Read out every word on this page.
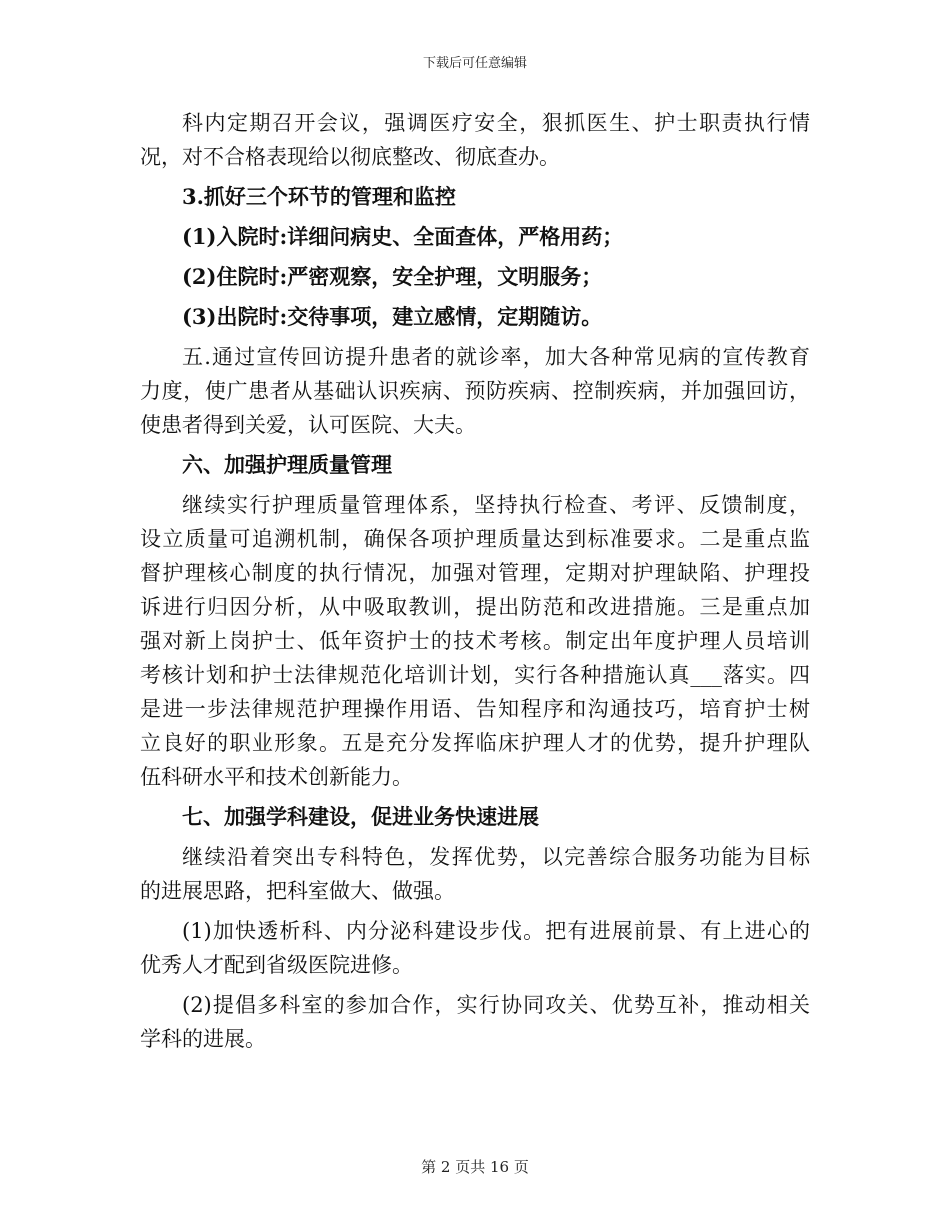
下载后可任意编辑
科内定期召开会议，强调医疗安全，狠抓医生、护士职责执行情
况，对不合格表现给以彻底整改、彻底查办。
3.抓好三个环节的管理和监控
(1)入院时:详细问病史、全面查体，严格用药；
(2)住院时:严密观察，安全护理，文明服务；
(3)出院时:交待事项，建立感情，定期随访。
五.通过宣传回访提升患者的就诊率，加大各种常见病的宣传教育
力度，使广患者从基础认识疾病、预防疾病、控制疾病，并加强回访，
使患者得到关爱，认可医院、大夫。
六、加强护理质量管理
继续实行护理质量管理体系，坚持执行检查、考评、反馈制度，
设立质量可追溯机制，确保各项护理质量达到标准要求。二是重点监
督护理核心制度的执行情况，加强对管理，定期对护理缺陷、护理投
诉进行归因分析，从中吸取教训，提出防范和改进措施。三是重点加
强对新上岗护士、低年资护士的技术考核。制定出年度护理人员培训
考核计划和护士法律规范化培训计划，实行各种措施认真___落实。四
是进一步法律规范护理操作用语、告知程序和沟通技巧，培育护士树
立良好的职业形象。五是充分发挥临床护理人才的优势，提升护理队
伍科研水平和技术创新能力。
七、加强学科建设，促进业务快速进展
继续沿着突出专科特色，发挥优势，以完善综合服务功能为目标
的进展思路，把科室做大、做强。
(1)加快透析科、内分泌科建设步伐。把有进展前景、有上进心的
优秀人才配到省级医院进修。
(2)提倡多科室的参加合作，实行协同攻关、优势互补，推动相关
学科的进展。
第 2 页共 16 页
